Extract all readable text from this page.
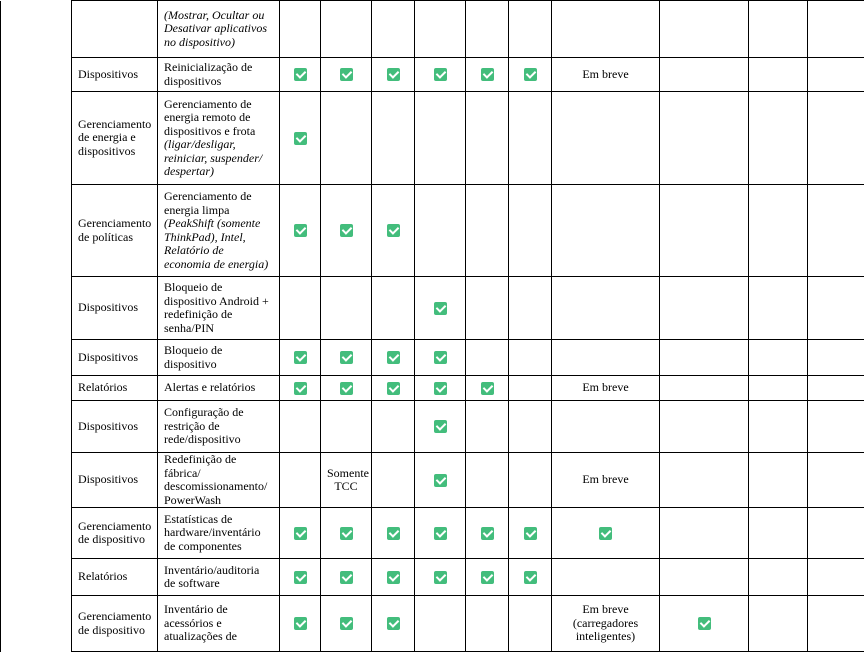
		(Mostrar, Ocultar ou Desativar aplicativos no dispositivo)											
	Dispositivos	Reinicialização de dispositivos							Em breve				
	Gerenciamento de energia e dispositivos	Gerenciamento de energia remoto de dispositivos e frota (ligar/desligar, reiniciar, suspender/ despertar)											
	Gerenciamento de políticas	Gerenciamento de energia limpa (PeakShift (somente ThinkPad), Intel, Relatório de economia de energia)											
	Dispositivos	Bloqueio de dispositivo Android + redefinição de senha/PIN											
	Dispositivos	Bloqueio de dispositivo											
	Relatórios	Alertas e relatórios							Em breve				
	Dispositivos	Configuração de restrição de rede/dispositivo											
	Dispositivos	Redefinição de fábrica/ descomissionamento/ PowerWash		Somente TCC					Em breve				
	Gerenciamento de dispositivo	Estatísticas de hardware/inventário de componentes											
	Relatórios	Inventário/auditoria de software											
	Gerenciamento de dispositivo	Inventário de acessórios e atualizações de							Em breve (carregadores inteligentes)				
